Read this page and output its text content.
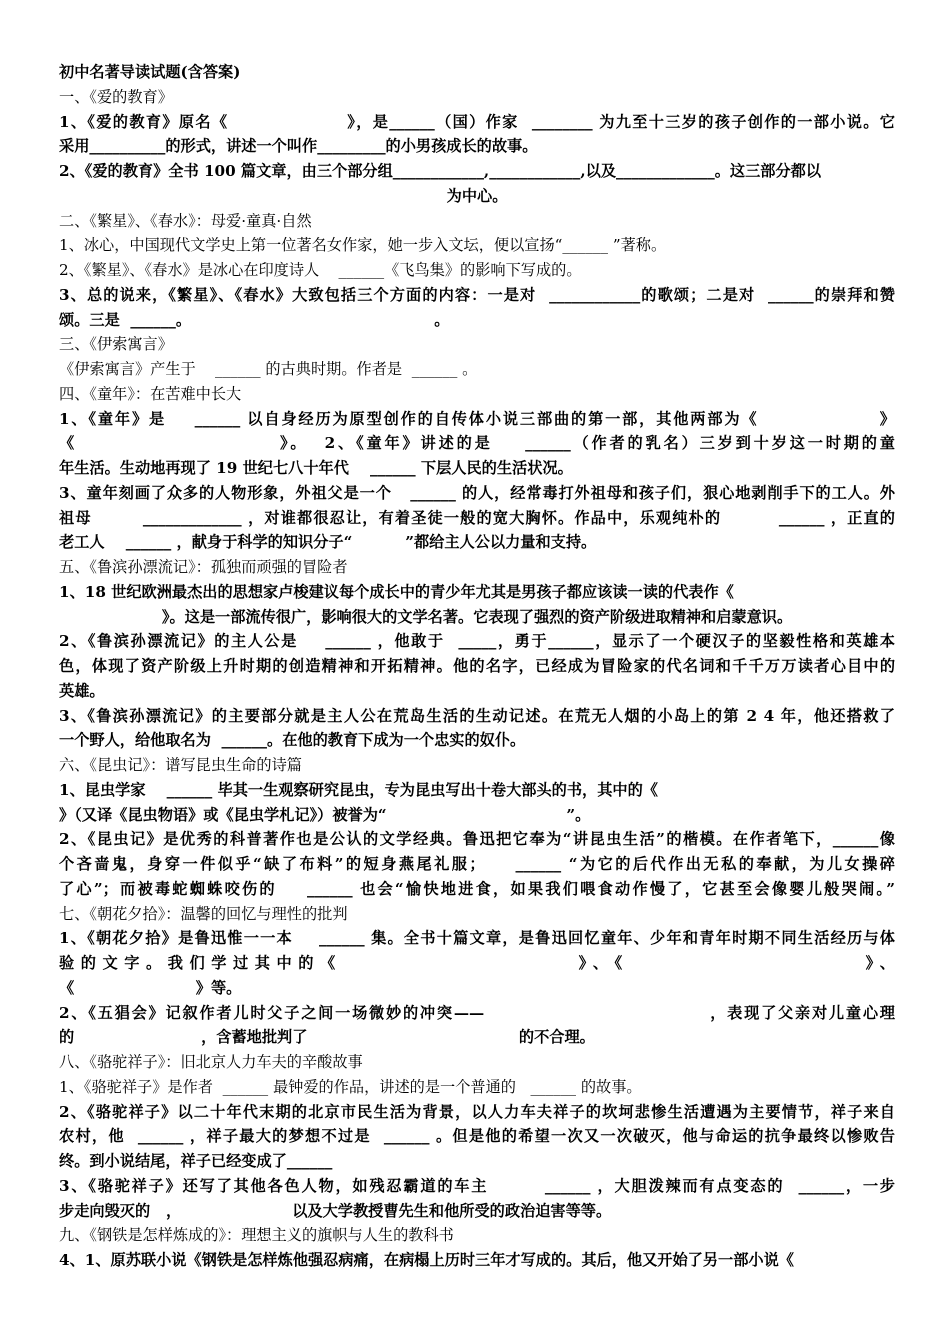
初中名著导读试题(含答案)
一、《爱的教育》
1、《爱的教育》原名《                  》，是______（国）作家  ________ 为九至十三岁的孩子创作的一部小说。它
采用__________的形式，讲述一个叫作_________的小男孩成长的故事。
2、《爱的教育》全书 100 篇文章，由三个部分组____________,____________,以及_____________。这三部分都以
为中心。
二、《繁星》、《春水》：母爱·童真·自然
1、冰心，中国现代文学史上第一位著名女作家，她一步入文坛，便以宣扬“______ ”著称。
2、《繁星》、《春水》是冰心在印度诗人    ______《飞鸟集》的影响下写成的。
3、总的说来，《繁星》、《春水》大致包括三个方面的内容：一是对  ____________的歌颂；二是对  ______的崇拜和赞
颂。三是  ______。                                              。
三、《伊索寓言》
《伊索寓言》产生于    ______ 的古典时期。作者是  ______ 。
四、《童年》：在苦难中长大
1、《童年》是    ______ 以自身经历为原型创作的自传体小说三部曲的第一部，其他两部为《                 》
《                         》。  2、《童年》讲述的是    ______（作者的乳名）三岁到十岁这一时期的童
年生活。生动地再现了 19 世纪七八十年代    ______ 下层人民的生活状况。
3、童年刻画了众多的人物形象，外祖父是一个   ______ 的人，经常毒打外祖母和孩子们，狠心地剥削手下的工人。外
祖母        _____________ ，对谁都很忍让，有着圣徒一般的宽大胸怀。作品中，乐观纯朴的         ______ ，正直的
老工人    ______ ，献身于科学的知识分子“          ”都给主人公以力量和支持。
五、《鲁滨孙漂流记》：孤独而顽强的冒险者
1、18 世纪欧洲最杰出的思想家卢梭建议每个成长中的青少年尤其是男孩子都应该读一读的代表作《
》。这是一部流传很广，影响很大的文学名著。它表现了强烈的资产阶级进取精神和启蒙意识。
2、《鲁滨孙漂流记》的主人公是    ______ ，他敢于  _____，勇于______，显示了一个硬汉子的坚毅性格和英雄本
色，体现了资产阶级上升时期的创造精神和开拓精神。他的名字，已经成为冒险家的代名词和千千万万读者心目中的
英雄。
3、《鲁滨孙漂流记》的主要部分就是主人公在荒岛生活的生动记述。在荒无人烟的小岛上的第 2 4 年，他还搭救了
一个野人，给他取名为  ______。在他的教育下成为一个忠实的奴仆。
六、《昆虫记》：谱写昆虫生命的诗篇
1、昆虫学家    ______ 毕其一生观察研究昆虫，专为昆虫写出十卷大部头的书，其中的《
》（又译《昆虫物语》或《昆虫学札记》）被誉为“                                  ”。
2、《昆虫记》是优秀的科普著作也是公认的文学经典。鲁迅把它奉为“讲昆虫生活”的楷模。在作者笔下，______像
个吝啬鬼，身穿一件似乎“缺了布料”的短身燕尾礼服；    ______ “为它的后代作出无私的奉献，为儿女操碎
了心”；而被毒蛇蜘蛛咬伤的    ______ 也会“愉快地进食，如果我们喂食动作慢了，它甚至会像婴儿般哭闹。”
七、《朝花夕拾》：温馨的回忆与理性的批判
1、《朝花夕拾》是鲁迅惟一一本    ______ 集。全书十篇文章，是鲁迅回忆童年、少年和青年时期不同生活经历与体
验的文字。我们学过其中的《                    》、《                    》、
《                       》等。
2、《五猖会》记叙作者儿时父子之间一场微妙的冲突——                                ，表现了父亲对儿童心理
的                        ，含蓄地批判了                                        的不合理。
八、《骆驼祥子》：旧北京人力车夫的辛酸故事
1、《骆驼祥子》是作者  ______ 最钟爱的作品，讲述的是一个普通的   ______ 的故事。
2、《骆驼祥子》以二十年代末期的北京市民生活为背景，以人力车夫祥子的坎坷悲惨生活遭遇为主要情节，祥子来自
农村，他  ______ ，祥子最大的梦想不过是  ______ 。但是他的希望一次又一次破灭，他与命运的抗争最终以惨败告
终。到小说结尾，祥子已经变成了______
3、《骆驼祥子》还写了其他各色人物，如残忍霸道的车主        ______ ，大胆泼辣而有点变态的  ______，一步
步走向毁灭的   ，                     以及大学教授曹先生和他所受的政治迫害等等。
九、《钢铁是怎样炼成的》：理想主义的旗帜与人生的教科书
4、1、原苏联小说《钢铁是怎样炼他强忍病痛，在病榻上历时三年才写成的。其后，他又开始了另一部小说《
